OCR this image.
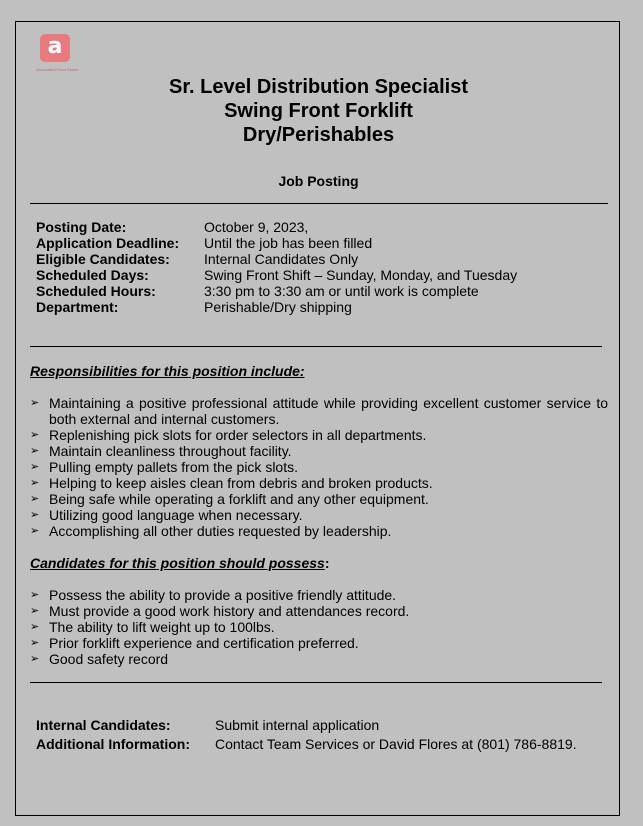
a
Associated Food Stores
Sr. Level Distribution Specialist
Swing Front Forklift
Dry/Perishables
Job Posting
Posting Date:	October 9, 2023,
Application Deadline:	Until the job has been filled
Eligible Candidates:	Internal Candidates Only
Scheduled Days:	Swing Front Shift – Sunday, Monday, and Tuesday
Scheduled Hours:	3:30 pm to 3:30 am or until work is complete
Department:	Perishable/Dry shipping
Responsibilities for this position include:
➢ Maintaining a positive professional attitude while providing excellent customer service to both external and internal customers.
➢ Replenishing pick slots for order selectors in all departments.
➢ Maintain cleanliness throughout facility.
➢ Pulling empty pallets from the pick slots.
➢ Helping to keep aisles clean from debris and broken products.
➢ Being safe while operating a forklift and any other equipment.
➢ Utilizing good language when necessary.
➢ Accomplishing all other duties requested by leadership.
Candidates for this position should possess:
➢ Possess the ability to provide a positive friendly attitude.
➢ Must provide a good work history and attendances record.
➢ The ability to lift weight up to 100lbs.
➢ Prior forklift experience and certification preferred.
➢ Good safety record
Internal Candidates:	Submit internal application
Additional Information:	Contact Team Services or David Flores at (801) 786-8819.
